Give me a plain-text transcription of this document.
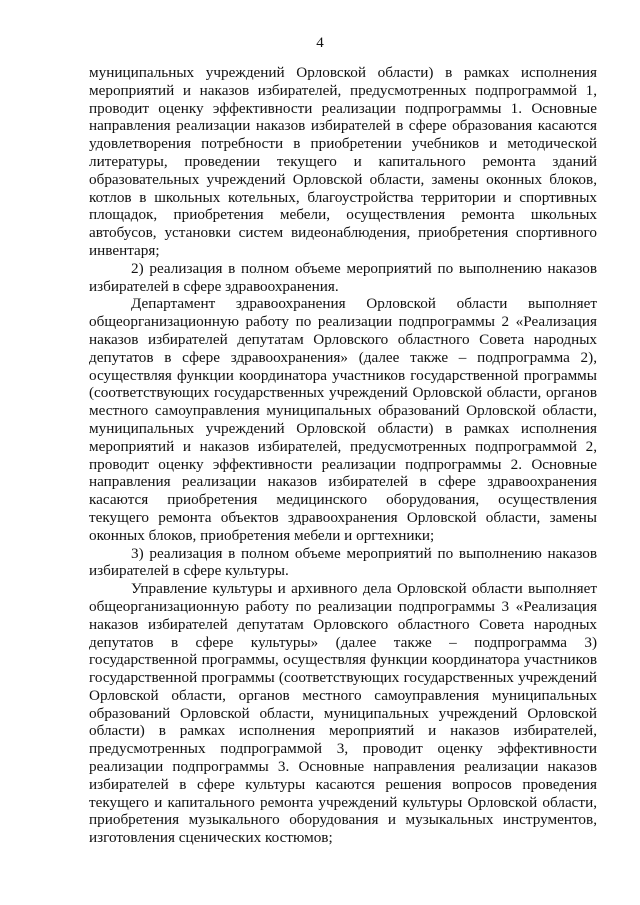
4

муниципальных учреждений Орловской области) в рамках исполнения мероприятий и наказов избирателей, предусмотренных подпрограммой 1, проводит оценку эффективности реализации подпрограммы 1. Основные направления реализации наказов избирателей в сфере образования касаются удовлетворения потребности в приобретении учебников и методической литературы, проведении текущего и капитального ремонта зданий образовательных учреждений Орловской области, замены оконных блоков, котлов в школьных котельных, благоустройства территории и спортивных площадок, приобретения мебели, осуществления ремонта школьных автобусов, установки систем видеонаблюдения, приобретения спортивного инвентаря;

2) реализация в полном объеме мероприятий по выполнению наказов избирателей в сфере здравоохранения.

Департамент здравоохранения Орловской области выполняет общеорганизационную работу по реализации подпрограммы 2 «Реализация наказов избирателей депутатам Орловского областного Совета народных депутатов в сфере здравоохранения» (далее также – подпрограмма 2), осуществляя функции координатора участников государственной программы (соответствующих государственных учреждений Орловской области, органов местного самоуправления муниципальных образований Орловской области, муниципальных учреждений Орловской области) в рамках исполнения мероприятий и наказов избирателей, предусмотренных подпрограммой 2, проводит оценку эффективности реализации подпрограммы 2. Основные направления реализации наказов избирателей в сфере здравоохранения касаются приобретения медицинского оборудования, осуществления текущего ремонта объектов здравоохранения Орловской области, замены оконных блоков, приобретения мебели и оргтехники;

3) реализация в полном объеме мероприятий по выполнению наказов избирателей в сфере культуры.

Управление культуры и архивного дела Орловской области выполняет общеорганизационную работу по реализации подпрограммы 3 «Реализация наказов избирателей депутатам Орловского областного Совета народных депутатов в сфере культуры» (далее также – подпрограмма 3) государственной программы, осуществляя функции координатора участников государственной программы (соответствующих государственных учреждений Орловской области, органов местного самоуправления муниципальных образований Орловской области, муниципальных учреждений Орловской области) в рамках исполнения мероприятий и наказов избирателей, предусмотренных подпрограммой 3, проводит оценку эффективности реализации подпрограммы 3. Основные направления реализации наказов избирателей в сфере культуры касаются решения вопросов проведения текущего и капитального ремонта учреждений культуры Орловской области, приобретения музыкального оборудования и музыкальных инструментов, изготовления сценических костюмов;
